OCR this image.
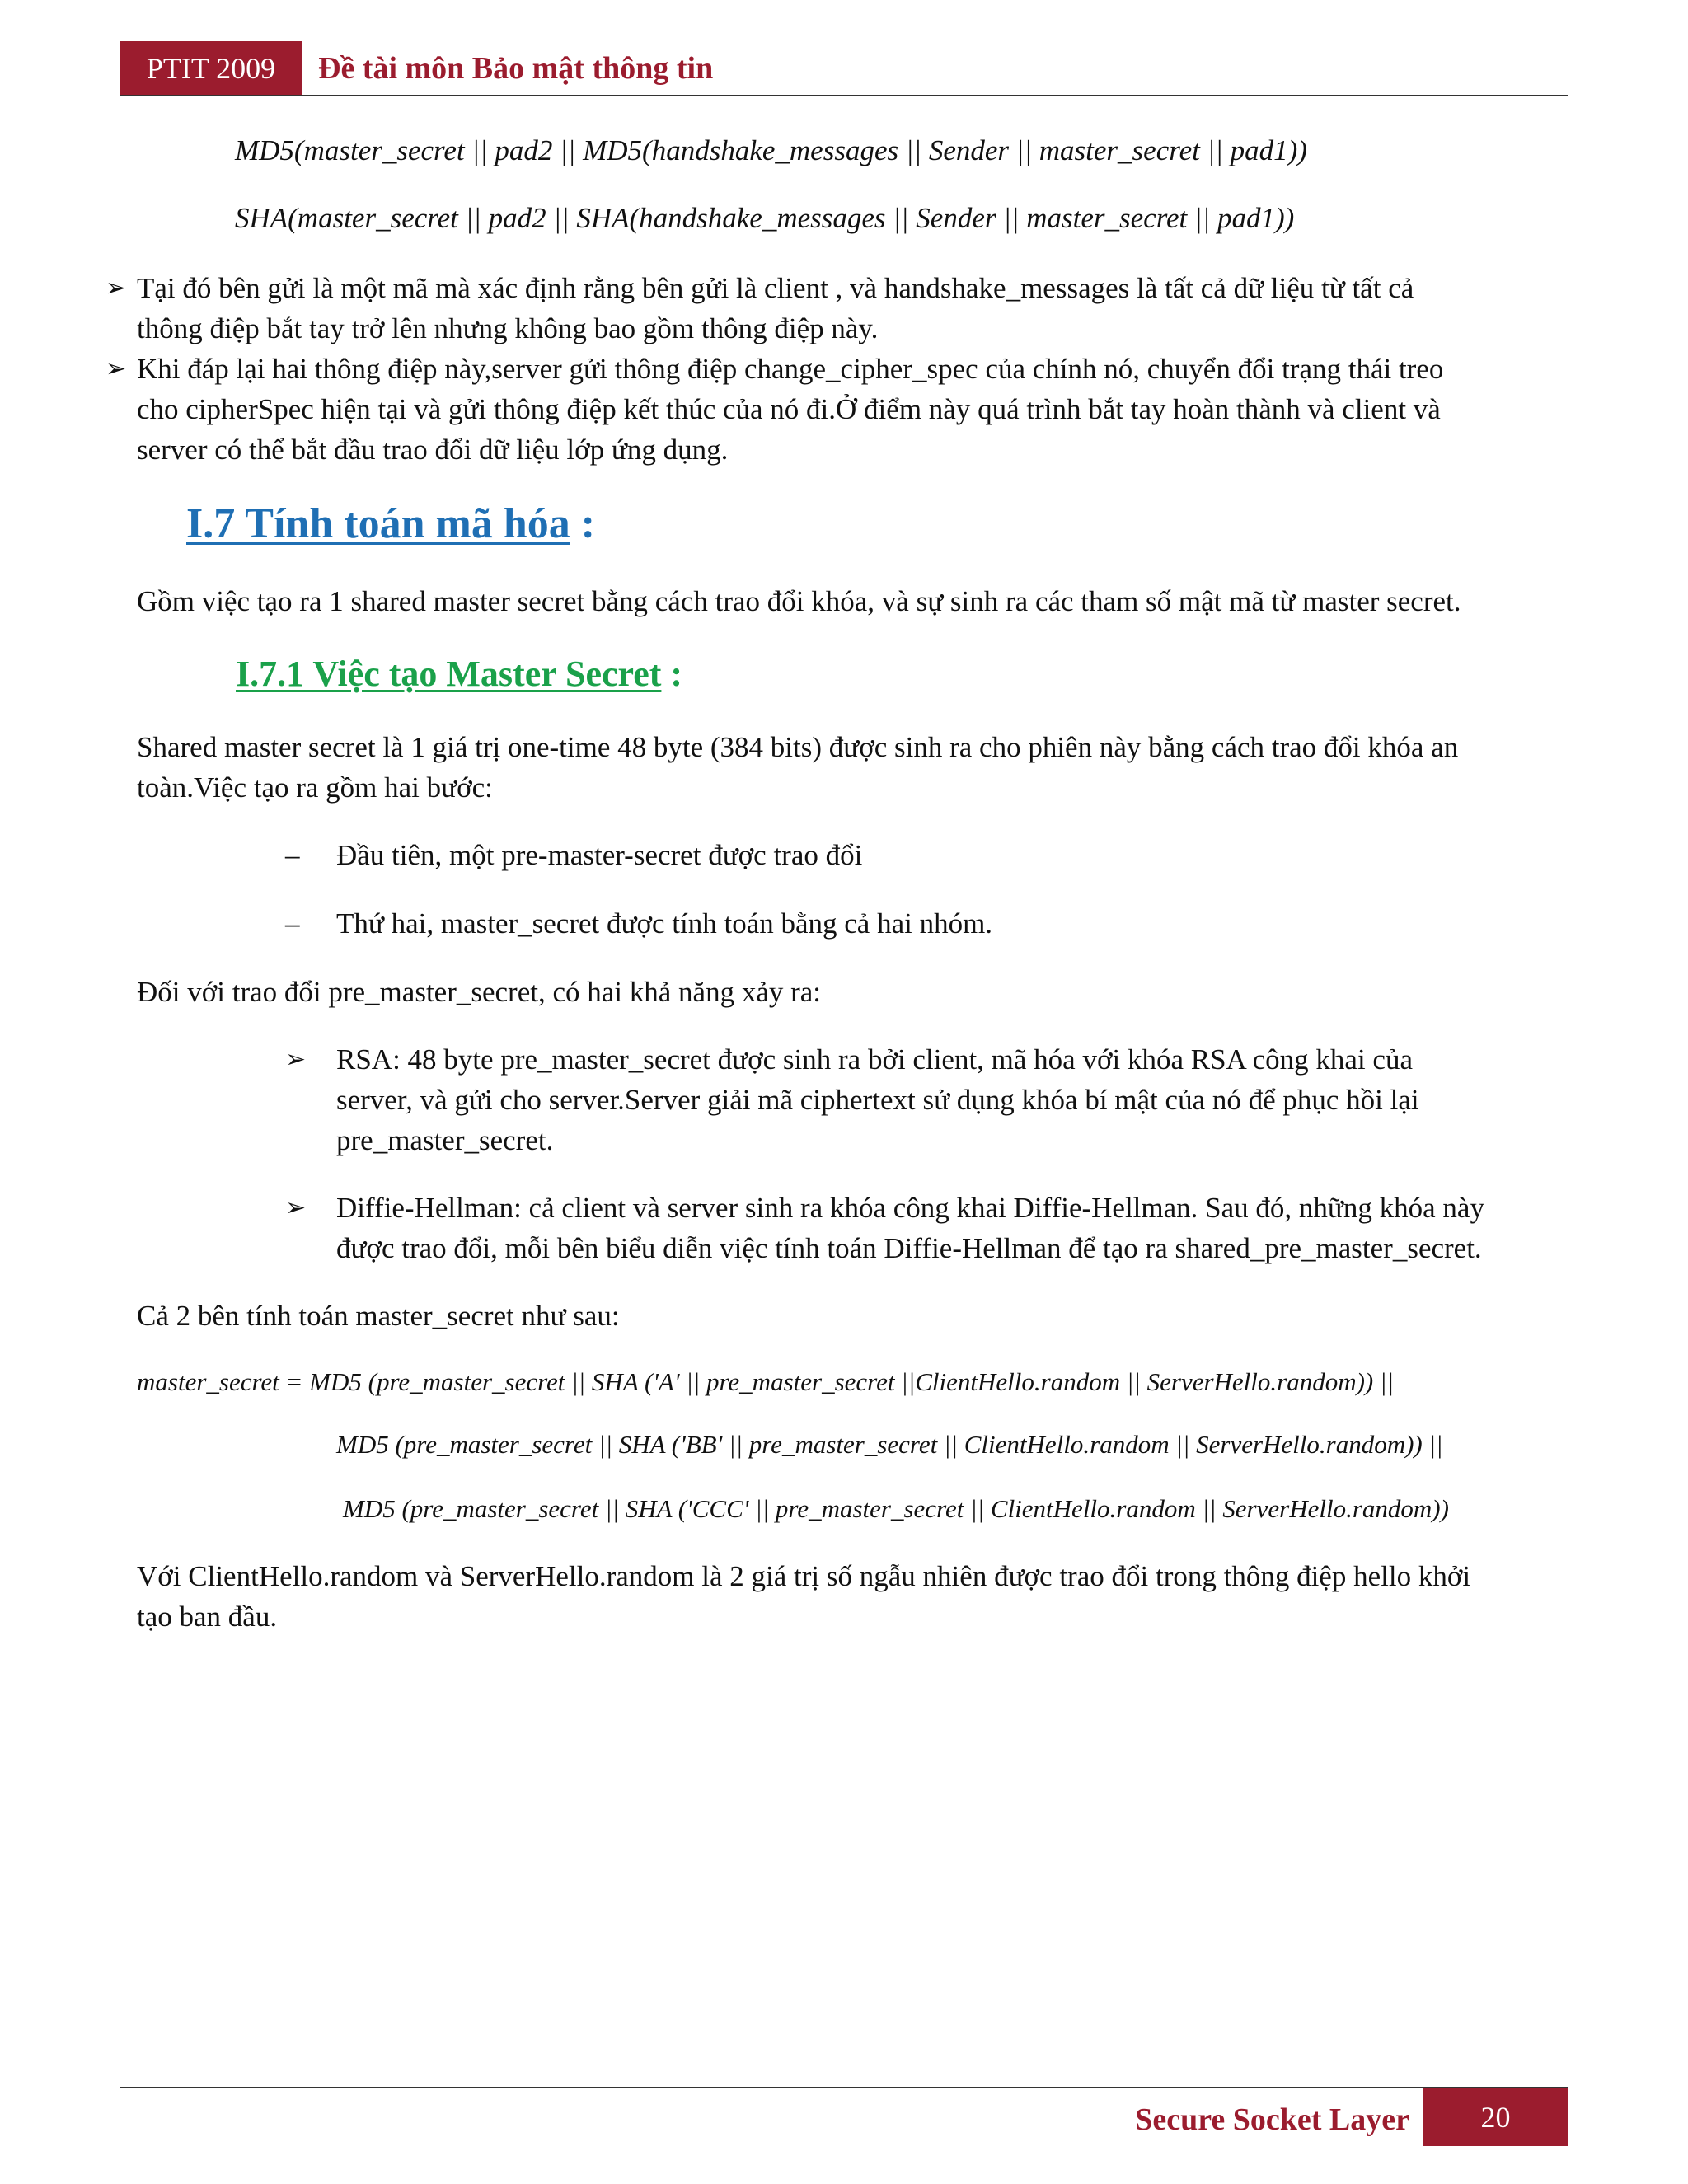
PTIT 2009	Đề tài môn Bảo mật thông tin
MD5(master_secret || pad2 || MD5(handshake_messages || Sender || master_secret || pad1))
SHA(master_secret || pad2 || SHA(handshake_messages || Sender || master_secret || pad1))
➢ Tại đó bên gửi là một mã mà xác định rằng bên gửi là client , và handshake_messages là tất cả dữ liệu từ tất cả
thông điệp bắt tay trở lên nhưng không bao gồm thông điệp này.
➢ Khi đáp lại hai thông điệp này,server gửi thông điệp change_cipher_spec của chính nó, chuyển đổi trạng thái treo
cho cipherSpec hiện tại và gửi thông điệp kết thúc của nó đi.Ở điểm này quá trình bắt tay hoàn thành và client và
server có thể bắt đầu trao đổi dữ liệu lớp ứng dụng.
I.7 Tính toán mã hóa :
Gồm việc tạo ra 1 shared master secret bằng cách trao đổi khóa, và sự sinh ra các tham số mật mã từ master secret.
I.7.1 Việc tạo Master Secret :
Shared master secret là 1 giá trị one-time 48 byte (384 bits) được sinh ra cho phiên này bằng cách trao đổi khóa an
toàn.Việc tạo ra gồm hai bước:
– Đầu tiên, một pre-master-secret được trao đổi
– Thứ hai, master_secret được tính toán bằng cả hai nhóm.
Đối với trao đổi pre_master_secret, có hai khả năng xảy ra:
➢ RSA: 48 byte pre_master_secret được sinh ra bởi client, mã hóa với khóa RSA công khai của
server, và gửi cho server.Server giải mã ciphertext sử dụng khóa bí mật của nó để phục hồi lại
pre_master_secret.
➢ Diffie-Hellman: cả client và server sinh ra khóa công khai Diffie-Hellman. Sau đó, những khóa này
được trao đổi, mỗi bên biểu diễn việc tính toán Diffie-Hellman để tạo ra shared_pre_master_secret.
Cả 2 bên tính toán master_secret như sau:
master_secret = MD5 (pre_master_secret || SHA ('A' || pre_master_secret ||ClientHello.random || ServerHello.random)) ||
MD5 (pre_master_secret || SHA ('BB' || pre_master_secret || ClientHello.random || ServerHello.random)) ||
MD5 (pre_master_secret || SHA ('CCC' || pre_master_secret || ClientHello.random || ServerHello.random))
Với ClientHello.random và ServerHello.random là 2 giá trị số ngẫu nhiên được trao đổi trong thông điệp hello khởi
tạo ban đầu.
Secure Socket Layer	20
